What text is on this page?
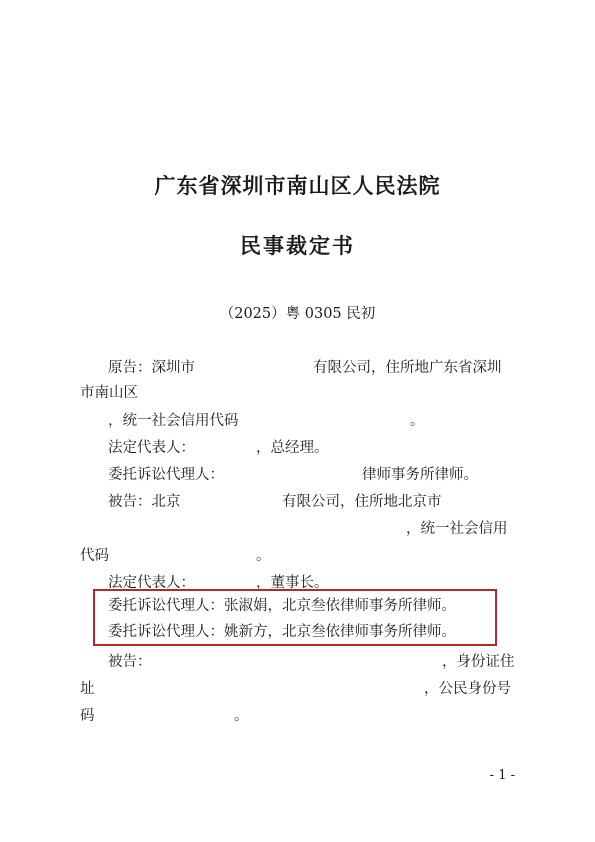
广东省深圳市南山区人民法院
民事裁定书
（2025）粤 0305 民初
原告：深圳市	有限公司，住所地广东省深圳
市南山区
，统一社会信用代码	。
法定代表人：	，总经理。
委托诉讼代理人：	律师事务所律师。
被告：北京	有限公司，住所地北京市
，统一社会信用
代码	。
法定代表人：	，董事长。
委托诉讼代理人：张淑娟，北京叁依律师事务所律师。
委托诉讼代理人：姚新方，北京叁依律师事务所律师。
被告：	，身份证住
址	，公民身份号
码	。
- 1 -
